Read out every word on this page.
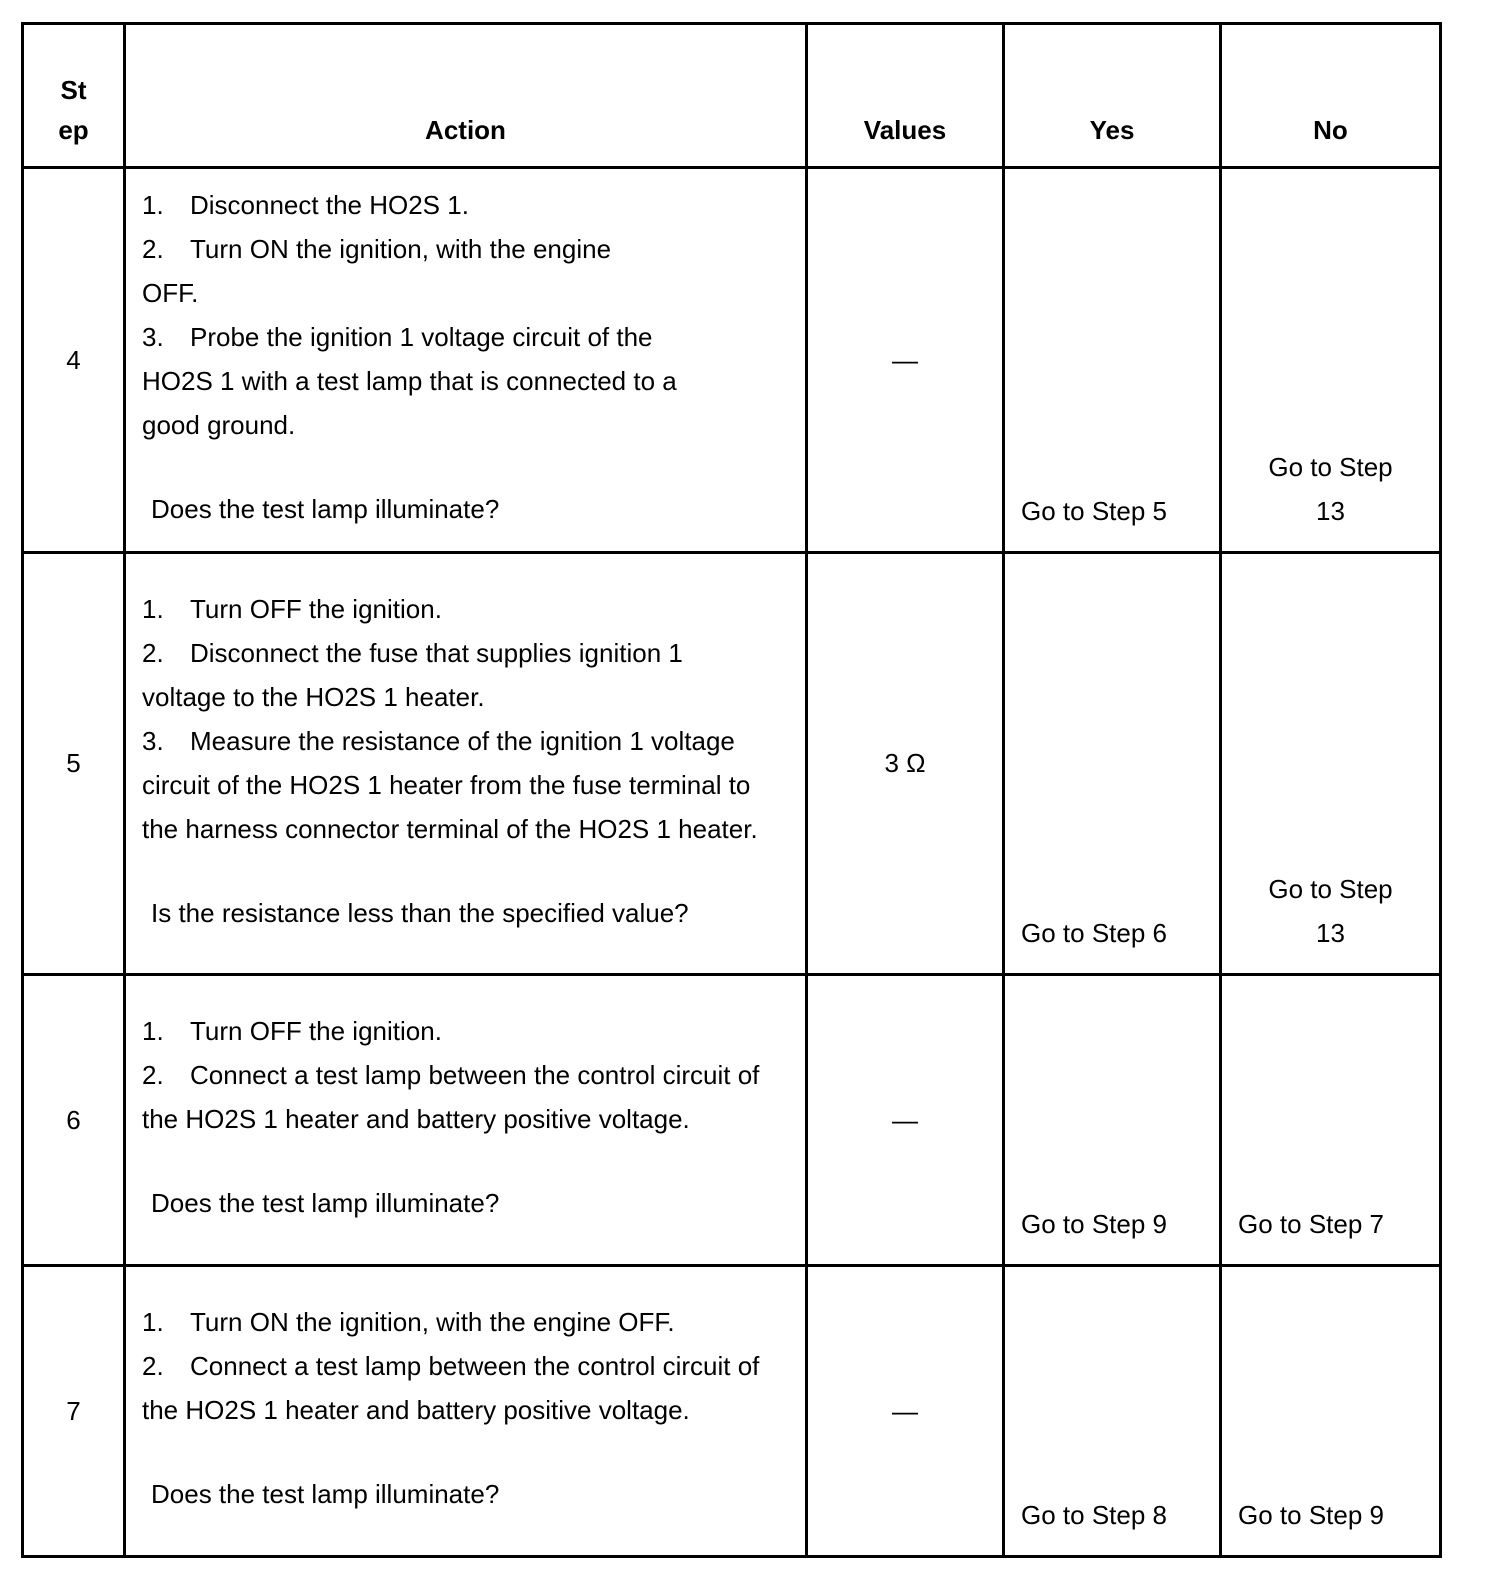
St
ep	Action	Values	Yes	No
4	1. Disconnect the HO2S 1.
2. Turn ON the ignition, with the engine OFF.
3. Probe the ignition 1 voltage circuit of the HO2S 1 with a test lamp that is connected to a good ground.
Does the test lamp illuminate?	—	Go to Step 5	Go to Step 13
5	1. Turn OFF the ignition.
2. Disconnect the fuse that supplies ignition 1 voltage to the HO2S 1 heater.
3. Measure the resistance of the ignition 1 voltage circuit of the HO2S 1 heater from the fuse terminal to the harness connector terminal of the HO2S 1 heater.
Is the resistance less than the specified value?	3 Ω	Go to Step 6	Go to Step 13
6	1. Turn OFF the ignition.
2. Connect a test lamp between the control circuit of the HO2S 1 heater and battery positive voltage.
Does the test lamp illuminate?	—	Go to Step 9	Go to Step 7
7	1. Turn ON the ignition, with the engine OFF.
2. Connect a test lamp between the control circuit of the HO2S 1 heater and battery positive voltage.
Does the test lamp illuminate?	—	Go to Step 8	Go to Step 9
